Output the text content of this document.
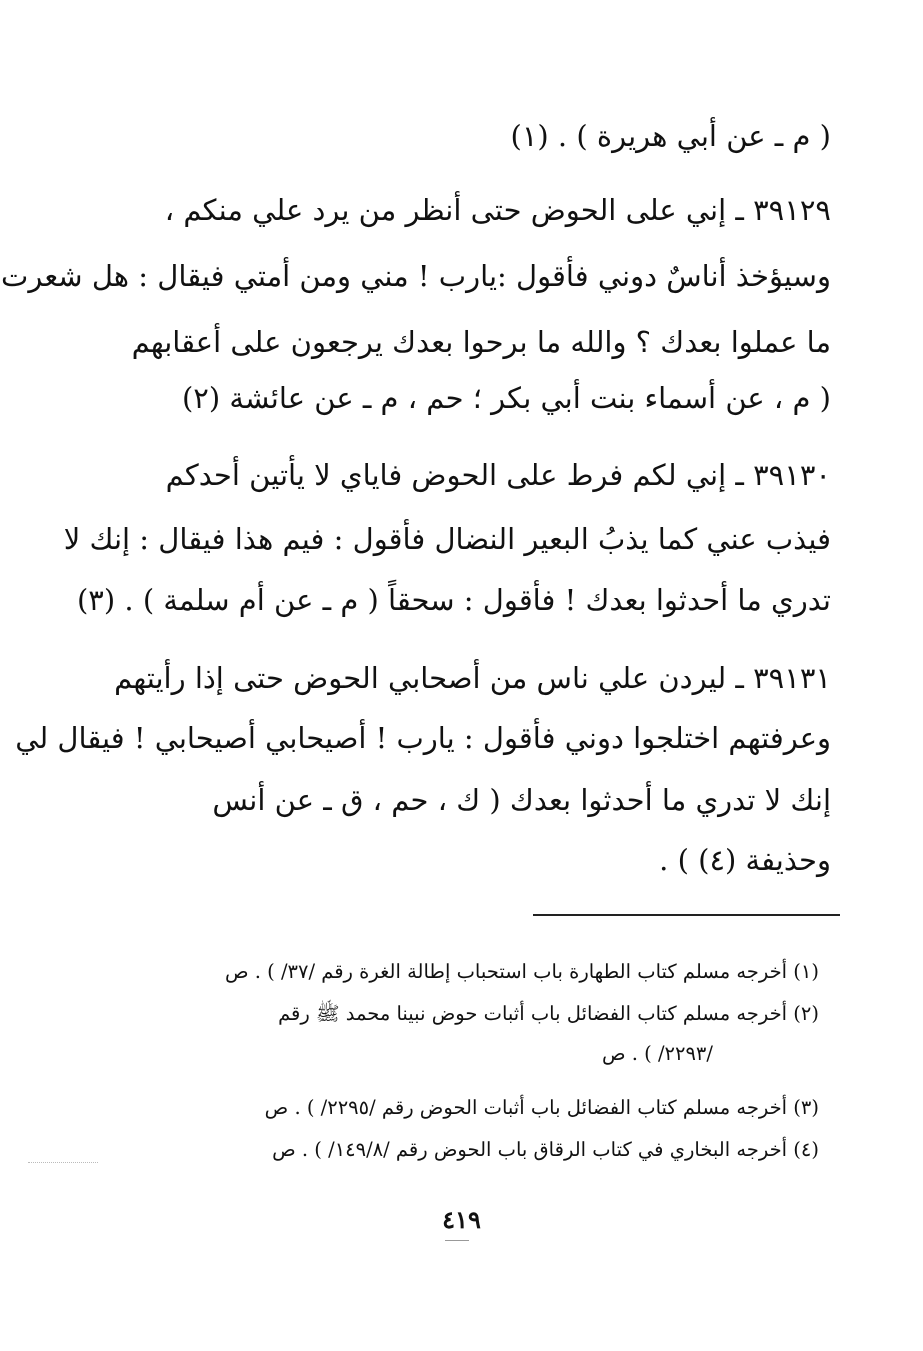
( م ـ عن أبي هريرة ) . (١)
٣٩١٢٩ ـ إني على الحوض حتى أنظر من يرد علي منكم ،
وسيؤخذ أناسٌ دوني فأقول :يارب ! مني ومن أمتي فيقال : هل شعرت
ما عملوا بعدك ؟ والله ما برحوا بعدك يرجعون على أعقابهم
( م ، عن أسماء بنت أبي بكر ؛ حم ، م ـ عن عائشة (٢)
٣٩١٣٠ ـ إني لكم فرط على الحوض فاياي لا يأتين أحدكم
فيذب عني كما يذبُ البعير النضال فأقول : فيم هذا فيقال : إنك لا
تدري ما أحدثوا بعدك ! فأقول : سحقاً ( م ـ عن أم سلمة ) . (٣)
٣٩١٣١ ـ ليردن علي ناس من أصحابي الحوض حتى إذا رأيتهم
وعرفتهم اختلجوا دوني فأقول : يارب ! أصيحابي أصيحابي ! فيقال لي
إنك لا تدري ما أحدثوا بعدك ( ك ، حم ، ق ـ عن أنس
وحذيفة (٤) ) .
(١) أخرجه مسلم كتاب الطهارة باب استحباب إطالة الغرة رقم /٣٧/ ) . ص
(٢) أخرجه مسلم كتاب الفضائل باب أثبات حوض نبينا محمد ﷺ رقم
/٢٢٩٣/ ) . ص
(٣) أخرجه مسلم كتاب الفضائل باب أثبات الحوض رقم /٢٢٩٥/ ) . ص
(٤) أخرجه البخاري في كتاب الرقاق باب الحوض رقم /١٤٩/٨/ ) . ص
٤١٩
